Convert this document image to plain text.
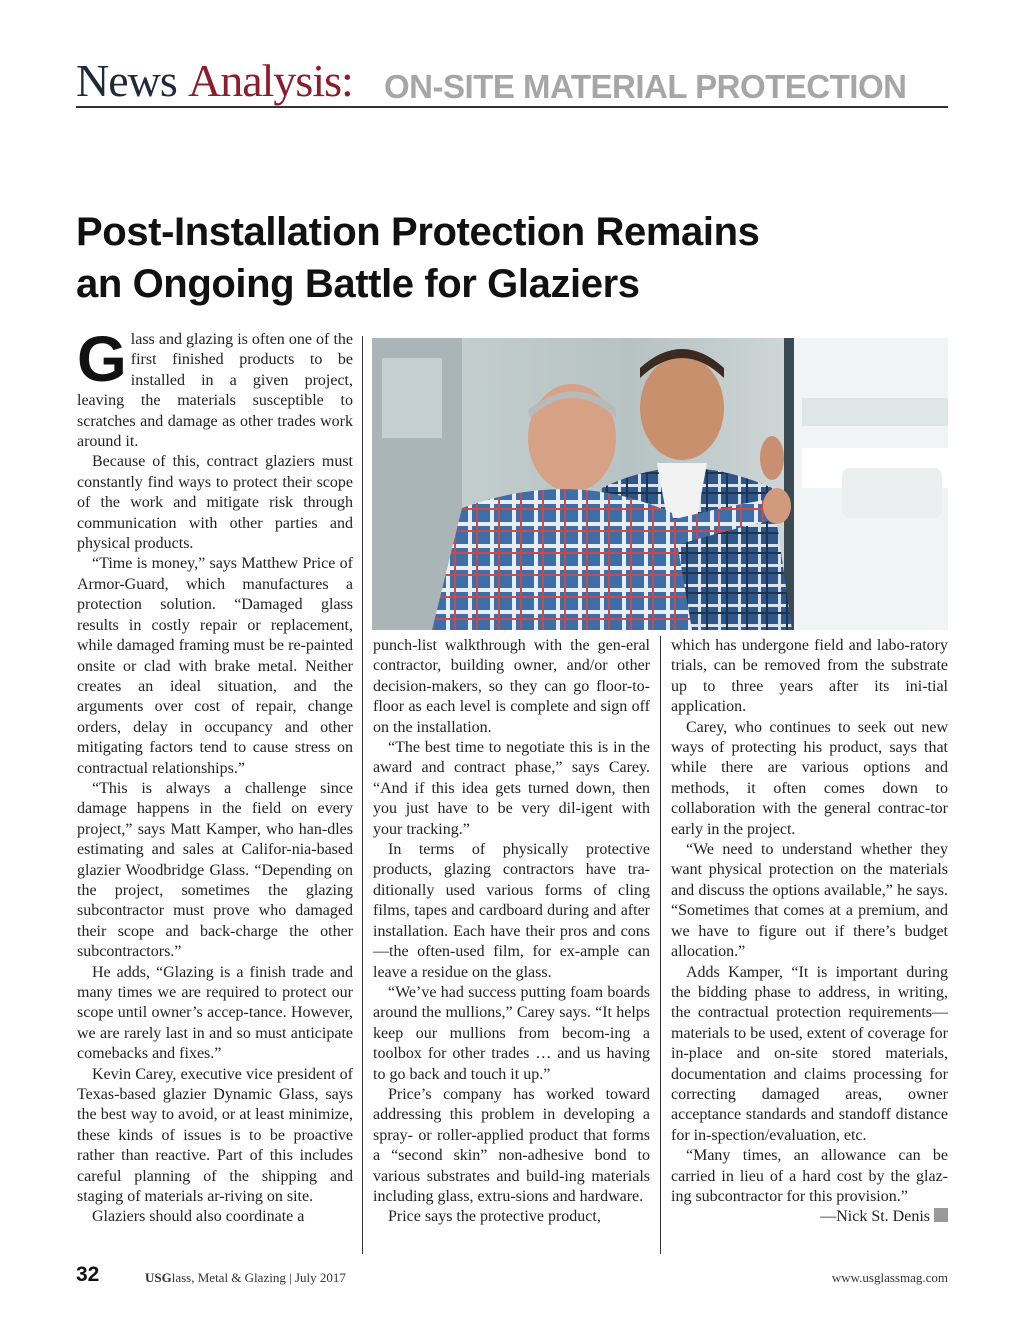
News Analysis: ON-SITE MATERIAL PROTECTION
Post-Installation Protection Remains
an Ongoing Battle for Glaziers

Glass and glazing is often one of the first finished products to be installed in a given project, leaving the materials susceptible to scratches and damage as other trades work around it.

Because of this, contract glaziers must constantly find ways to protect their scope of the work and mitigate risk through communication with other parties and physical products.

“Time is money,” says Matthew Price of Armor-Guard, which manufactures a protection solution. “Damaged glass results in costly repair or replacement, while damaged framing must be re-painted onsite or clad with brake metal. Neither creates an ideal situation, and the arguments over cost of repair, change orders, delay in occupancy and other mitigating factors tend to cause stress on contractual relationships.”

“This is always a challenge since damage happens in the field on every project,” says Matt Kamper, who han-dles estimating and sales at Califor-nia-based glazier Woodbridge Glass. “Depending on the project, sometimes the glazing subcontractor must prove who damaged their scope and back-charge the other subcontractors.”

He adds, “Glazing is a finish trade and many times we are required to protect our scope until owner’s accep-tance. However, we are rarely last in and so must anticipate comebacks and fixes.”

Kevin Carey, executive vice president of Texas-based glazier Dynamic Glass, says the best way to avoid, or at least minimize, these kinds of issues is to be proactive rather than reactive. Part of this includes careful planning of the shipping and staging of materials ar-riving on site.

Glaziers should also coordinate a

punch-list walkthrough with the gen-eral contractor, building owner, and/or other decision-makers, so they can go floor-to-floor as each level is complete and sign off on the installation.

“The best time to negotiate this is in the award and contract phase,” says Carey. “And if this idea gets turned down, then you just have to be very dil-igent with your tracking.”

In terms of physically protective products, glazing contractors have tra-ditionally used various forms of cling films, tapes and cardboard during and after installation. Each have their pros and cons—the often-used film, for ex-ample can leave a residue on the glass.

“We’ve had success putting foam boards around the mullions,” Carey says. “It helps keep our mullions from becom-ing a toolbox for other trades … and us having to go back and touch it up.”

Price’s company has worked toward addressing this problem in developing a spray- or roller-applied product that forms a “second skin” non-adhesive bond to various substrates and build-ing materials including glass, extru-sions and hardware.

Price says the protective product,

which has undergone field and labo-ratory trials, can be removed from the substrate up to three years after its ini-tial application.

Carey, who continues to seek out new ways of protecting his product, says that while there are various options and methods, it often comes down to collaboration with the general contrac-tor early in the project.

“We need to understand whether they want physical protection on the materials and discuss the options available,” he says. “Sometimes that comes at a premium, and we have to figure out if there’s budget allocation.”

Adds Kamper, “It is important during the bidding phase to address, in writing, the contractual protection requirements—materials to be used, extent of coverage for in-place and on-site stored materials, documentation and claims processing for correcting damaged areas, owner acceptance standards and standoff distance for in-spection/evaluation, etc.

“Many times, an allowance can be carried in lieu of a hard cost by the glaz-ing subcontractor for this provision.”

—Nick St. Denis

32	USGlass, Metal & Glazing | July 2017	www.usglassmag.com
